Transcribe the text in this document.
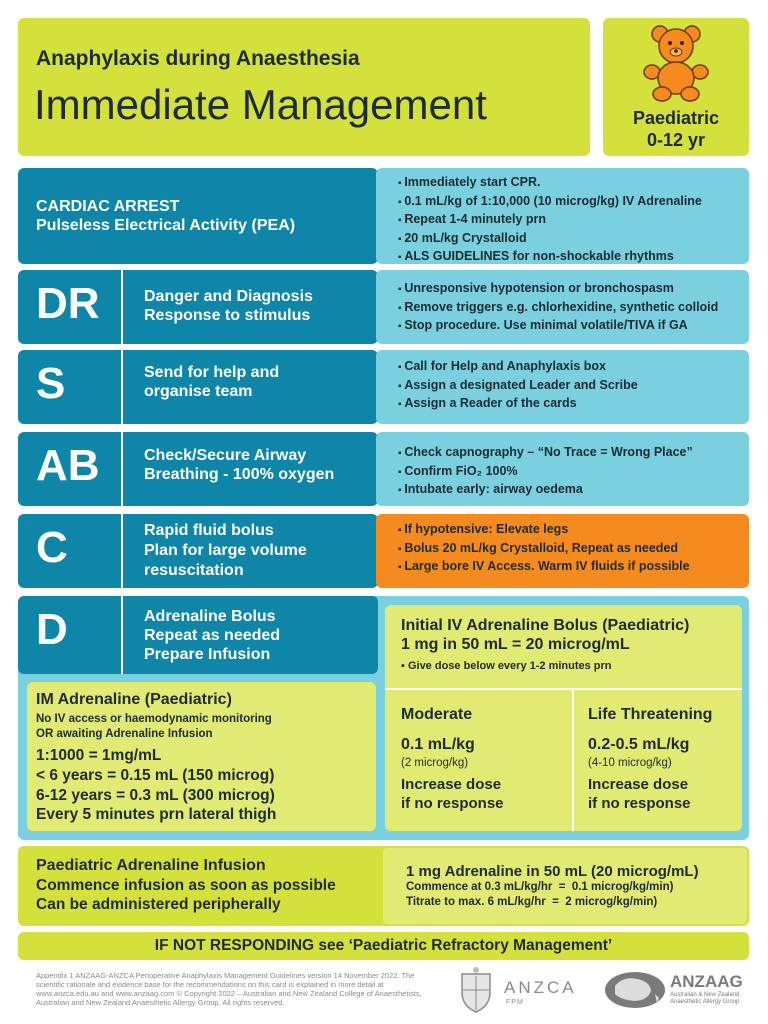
Anaphylaxis during Anaesthesia
Immediate Management	Paediatric
0-12 yr
CARDIAC ARREST
Pulseless Electrical Activity (PEA)
▪ Immediately start CPR.
▪ 0.1 mL/kg of 1:10,000 (10 microg/kg) IV Adrenaline
▪ Repeat 1-4 minutely prn
▪ 20 mL/kg Crystalloid
▪ ALS GUIDELINES for non-shockable rhythms
DR	Danger and Diagnosis
Response to stimulus
▪ Unresponsive hypotension or bronchospasm
▪ Remove triggers e.g. chlorhexidine, synthetic colloid
▪ Stop procedure. Use minimal volatile/TIVA if GA
S	Send for help and
organise team
▪ Call for Help and Anaphylaxis box
▪ Assign a designated Leader and Scribe
▪ Assign a Reader of the cards
AB	Check/Secure Airway
Breathing - 100% oxygen
▪ Check capnography – “No Trace = Wrong Place”
▪ Confirm FiO₂ 100%
▪ Intubate early: airway oedema
C	Rapid fluid bolus
Plan for large volume
resuscitation
▪ If hypotensive: Elevate legs
▪ Bolus 20 mL/kg Crystalloid, Repeat as needed
▪ Large bore IV Access. Warm IV fluids if possible
D	Adrenaline Bolus
Repeat as needed
Prepare Infusion
Initial IV Adrenaline Bolus (Paediatric)
1 mg in 50 mL = 20 microg/mL
▪ Give dose below every 1-2 minutes prn
Moderate
0.1 mL/kg
(2 microg/kg)
Increase dose
if no response
Life Threatening
0.2-0.5 mL/kg
(4-10 microg/kg)
Increase dose
if no response
IM Adrenaline (Paediatric)
No IV access or haemodynamic monitoring
OR awaiting Adrenaline Infusion
1:1000 = 1mg/mL
< 6 years = 0.15 mL (150 microg)
6-12 years = 0.3 mL (300 microg)
Every 5 minutes prn lateral thigh
Paediatric Adrenaline Infusion
Commence infusion as soon as possible
Can be administered peripherally
1 mg Adrenaline in 50 mL (20 microg/mL)
Commence at 0.3 mL/kg/hr  =  0.1 microg/kg/min)
Titrate to max. 6 mL/kg/hr  =  2 microg/kg/min)
IF NOT RESPONDING see ‘Paediatric Refractory Management’
Appendix 1 ANZAAG-ANZCA Perioperative Anaphylaxis Management Guidelines version 14 November 2022. The scientific rationale and evidence base for the recommendations on this card is explained in more detail at www.anzca.edu.au and www.anzaag.com © Copyright 2022 – Australian and New Zealand College of Anaesthetists, Australian and New Zealand Anaesthetic Allergy Group. All rights reserved.
ANZCA
FPM
ANZAAG
Australian & New Zealand
Anaesthetic Allergy Group
